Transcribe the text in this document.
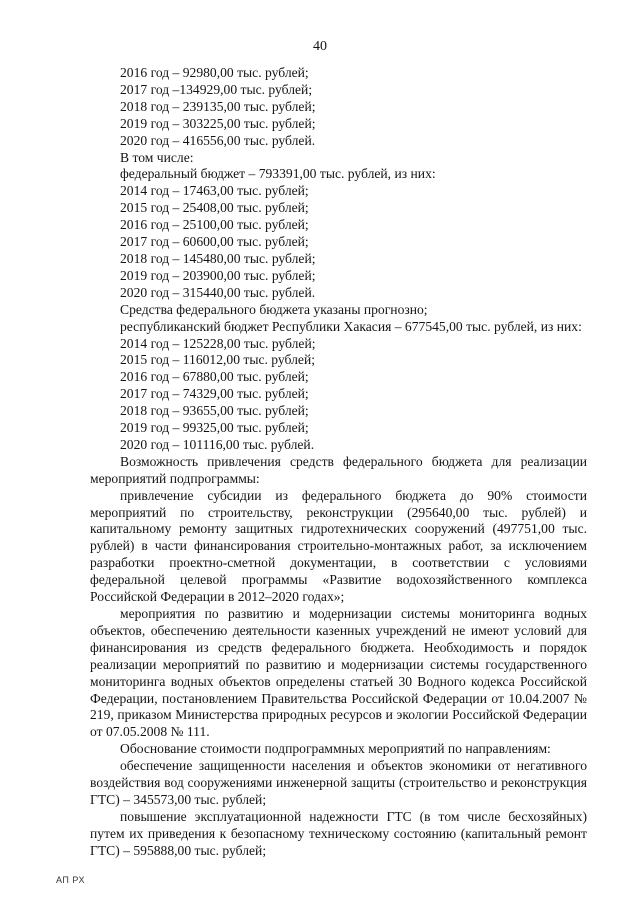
40
2016 год – 92980,00 тыс. рублей;
2017 год –134929,00 тыс. рублей;
2018 год – 239135,00 тыс. рублей;
2019 год – 303225,00 тыс. рублей;
2020 год – 416556,00 тыс. рублей.
В том числе:
федеральный бюджет – 793391,00 тыс. рублей, из них:
2014 год – 17463,00 тыс. рублей;
2015 год – 25408,00 тыс. рублей;
2016 год – 25100,00 тыс. рублей;
2017 год – 60600,00 тыс. рублей;
2018 год – 145480,00 тыс. рублей;
2019 год – 203900,00 тыс. рублей;
2020 год – 315440,00 тыс. рублей.
Средства федерального бюджета указаны прогнозно;
республиканский бюджет Республики Хакасия – 677545,00 тыс. рублей, из них:
2014 год – 125228,00 тыс. рублей;
2015 год – 116012,00 тыс. рублей;
2016 год – 67880,00 тыс. рублей;
2017 год – 74329,00 тыс. рублей;
2018 год – 93655,00 тыс. рублей;
2019 год – 99325,00 тыс. рублей;
2020 год – 101116,00 тыс. рублей.
Возможность привлечения средств федерального бюджета для реализации мероприятий подпрограммы:
привлечение субсидии из федерального бюджета до 90% стоимости мероприятий по строительству, реконструкции (295640,00 тыс. рублей) и капитальному ремонту защитных гидротехнических сооружений (497751,00 тыс. рублей) в части финансирования строительно-монтажных работ, за исключением разработки проектно-сметной документации, в соответствии с условиями федеральной целевой программы «Развитие водохозяйственного комплекса Российской Федерации в 2012–2020 годах»;
мероприятия по развитию и модернизации системы мониторинга водных объектов, обеспечению деятельности казенных учреждений не имеют условий для финансирования из средств федерального бюджета. Необходимость и порядок реализации мероприятий по развитию и модернизации системы государственного мониторинга водных объектов определены статьей 30 Водного кодекса Российской Федерации, постановлением Правительства Российской Федерации от 10.04.2007 № 219, приказом Министерства природных ресурсов и экологии Российской Федерации от 07.05.2008 № 111.
Обоснование стоимости подпрограммных мероприятий по направлениям:
обеспечение защищенности населения и объектов экономики от негативного воздействия вод сооружениями инженерной защиты (строительство и реконструкция ГТС) – 345573,00 тыс. рублей;
повышение эксплуатационной надежности ГТС (в том числе бесхозяйных) путем их приведения к безопасному техническому состоянию (капитальный ремонт ГТС) – 595888,00 тыс. рублей;
АП РХ
